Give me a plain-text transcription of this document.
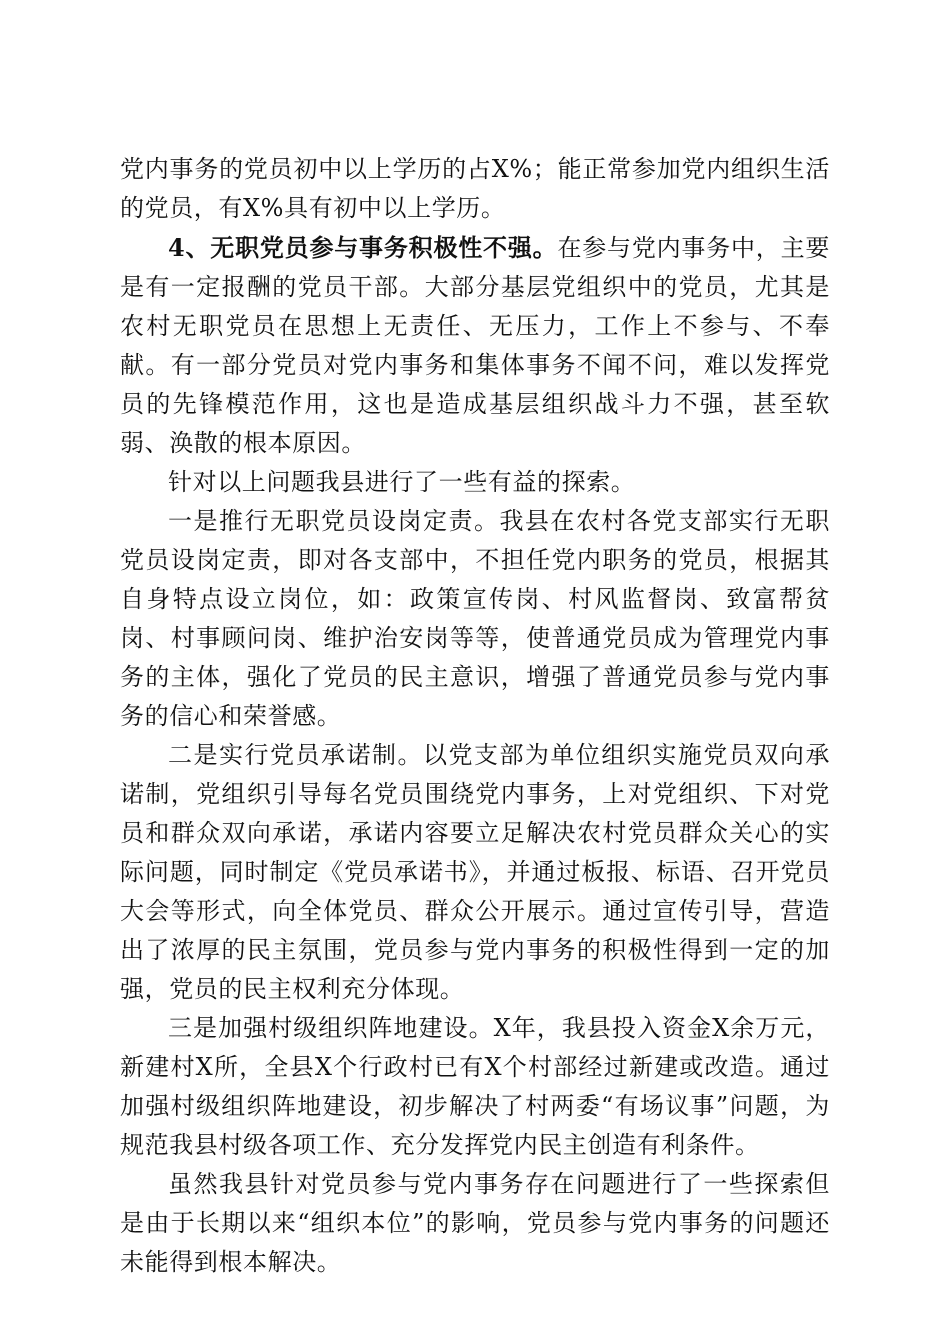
党内事务的党员初中以上学历的占X%；能正常参加党内组织生活的党员，有X%具有初中以上学历。

4、无职党员参与事务积极性不强。在参与党内事务中，主要是有一定报酬的党员干部。大部分基层党组织中的党员，尤其是农村无职党员在思想上无责任、无压力，工作上不参与、不奉献。有一部分党员对党内事务和集体事务不闻不问，难以发挥党员的先锋模范作用，这也是造成基层组织战斗力不强，甚至软弱、涣散的根本原因。

针对以上问题我县进行了一些有益的探索。

一是推行无职党员设岗定责。我县在农村各党支部实行无职党员设岗定责，即对各支部中，不担任党内职务的党员，根据其自身特点设立岗位，如：政策宣传岗、村风监督岗、致富帮贫岗、村事顾问岗、维护治安岗等等，使普通党员成为管理党内事务的主体，强化了党员的民主意识，增强了普通党员参与党内事务的信心和荣誉感。

二是实行党员承诺制。以党支部为单位组织实施党员双向承诺制，党组织引导每名党员围绕党内事务，上对党组织、下对党员和群众双向承诺，承诺内容要立足解决农村党员群众关心的实际问题，同时制定《党员承诺书》，并通过板报、标语、召开党员大会等形式，向全体党员、群众公开展示。通过宣传引导，营造出了浓厚的民主氛围，党员参与党内事务的积极性得到一定的加强，党员的民主权利充分体现。

三是加强村级组织阵地建设。X年，我县投入资金X余万元，新建村X所，全县X个行政村已有X个村部经过新建或改造。通过加强村级组织阵地建设，初步解决了村两委“有场议事”问题，为规范我县村级各项工作、充分发挥党内民主创造有利条件。

虽然我县针对党员参与党内事务存在问题进行了一些探索但是由于长期以来“组织本位”的影响，党员参与党内事务的问题还未能得到根本解决。
